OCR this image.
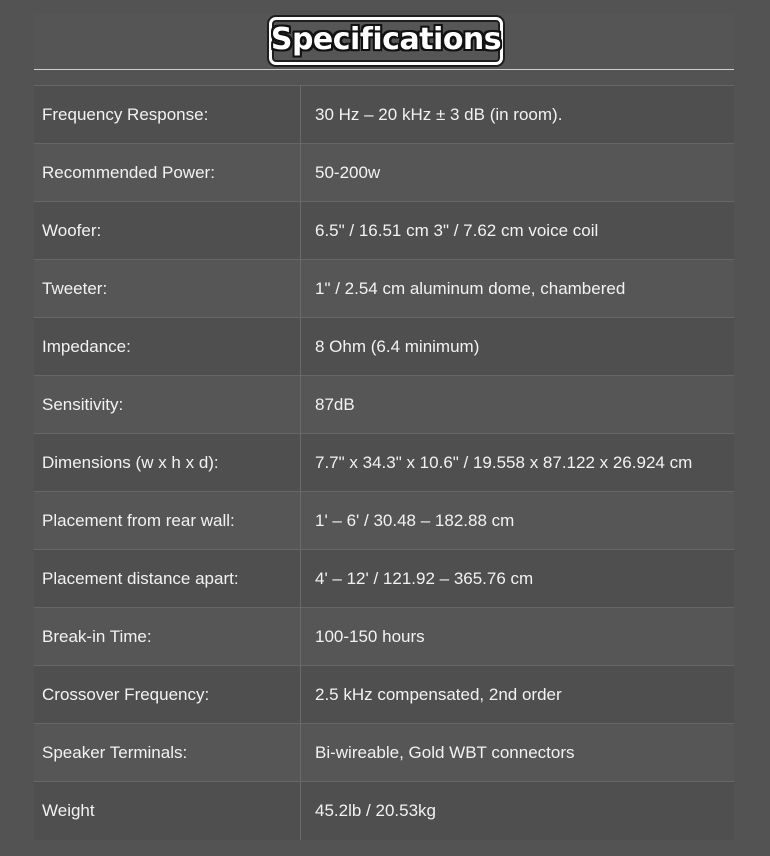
Specifications
Frequency Response:	30 Hz – 20 kHz ± 3 dB (in room).
Recommended Power:	50-200w
Woofer:	6.5" / 16.51 cm 3" / 7.62 cm voice coil
Tweeter:	1" / 2.54 cm aluminum dome, chambered
Impedance:	8 Ohm (6.4 minimum)
Sensitivity:	87dB
Dimensions (w x h x d):	7.7" x 34.3" x 10.6" / 19.558 x 87.122 x 26.924 cm
Placement from rear wall:	1' – 6' / 30.48 – 182.88 cm
Placement distance apart:	4' – 12' / 121.92 – 365.76 cm
Break-in Time:	100-150 hours
Crossover Frequency:	2.5 kHz compensated, 2nd order
Speaker Terminals:	Bi-wireable, Gold WBT connectors
Weight	45.2lb / 20.53kg
